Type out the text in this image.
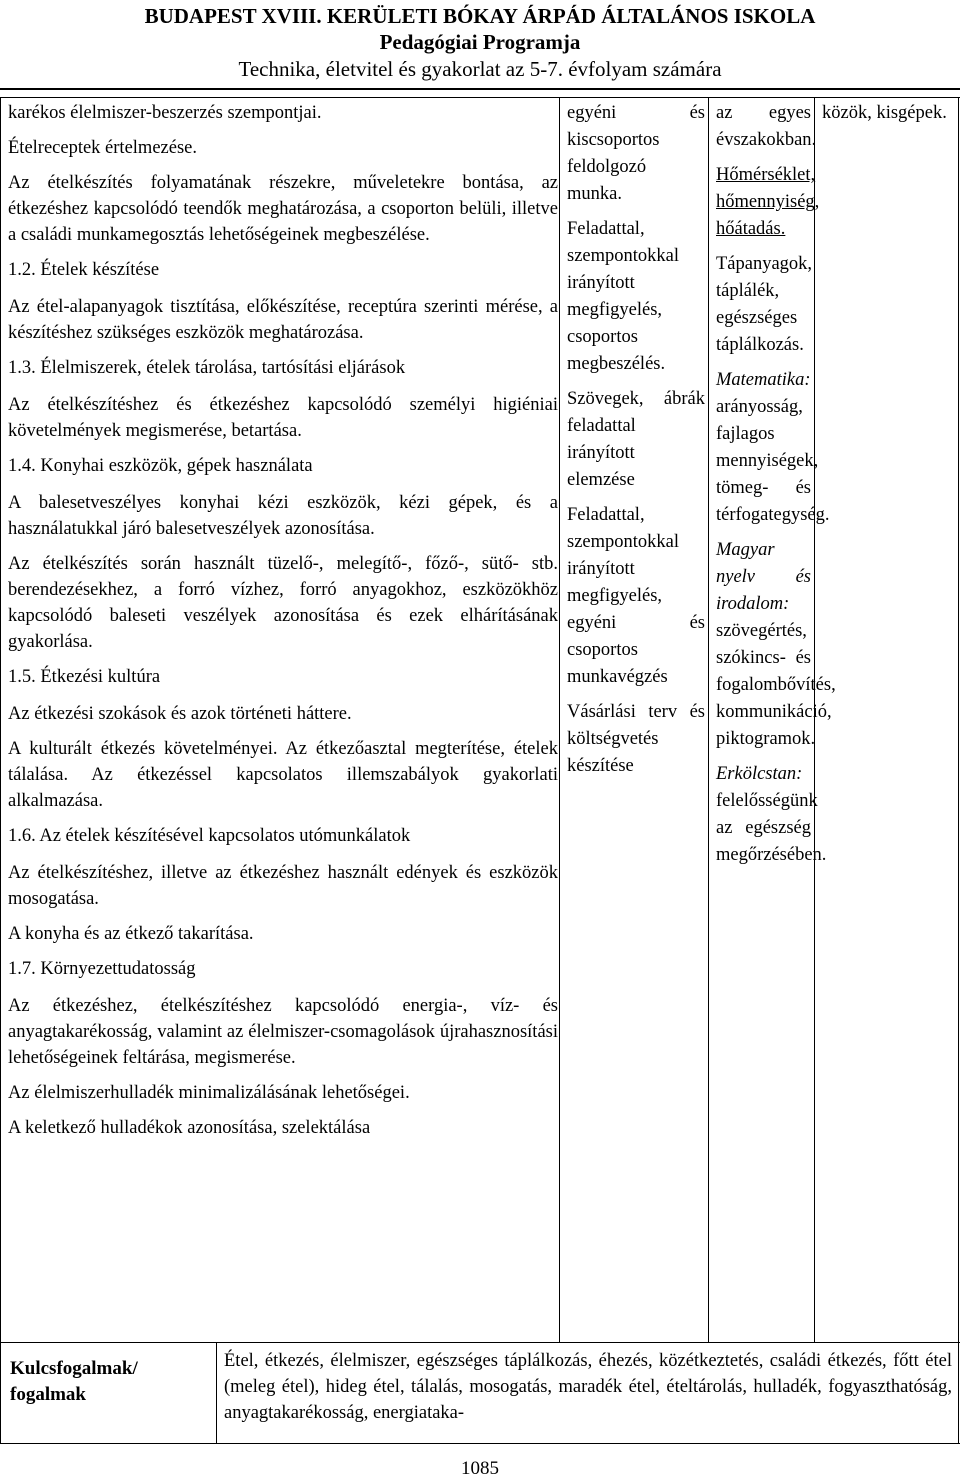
BUDAPEST XVIII. KERÜLETI BÓKAY ÁRPÁD ÁLTALÁNOS ISKOLA
Pedagógiai Programja
Technika, életvitel és gyakorlat az 5-7. évfolyam számára

karékos élelmiszer-beszerzés szempontjai.

Ételreceptek értelmezése.

Az ételkészítés folyamatának részekre, műveletekre bontása, az étkezéshez kapcsolódó teendők meghatározása, a csoporton belüli, illetve a családi munkamegosztás lehetőségeinek megbeszélése.

1.2. Ételek készítése

Az étel-alapanyagok tisztítása, előkészítése, receptúra szerinti mérése, a készítéshez szükséges eszközök meghatározása.

1.3. Élelmiszerek, ételek tárolása, tartósítási eljárások

Az ételkészítéshez és étkezéshez kapcsolódó személyi higiéniai követelmények megismerése, betartása.

1.4. Konyhai eszközök, gépek használata

A balesetveszélyes konyhai kézi eszközök, kézi gépek, és a használatukkal járó balesetveszélyek azonosítása.

Az ételkészítés során használt tüzelő-, melegítő-, főző-, sütő- stb. berendezésekhez, a forró vízhez, forró anyagokhoz, eszközökhöz kapcsolódó baleseti veszélyek azonosítása és ezek elhárításának gyakorlása.

1.5. Étkezési kultúra

Az étkezési szokások és azok történeti háttere.

A kulturált étkezés követelményei. Az étkezőasztal megterítése, ételek tálalása. Az étkezéssel kapcsolatos illemszabályok gyakorlati alkalmazása.

1.6. Az ételek készítésével kapcsolatos utómunkálatok

Az ételkészítéshez, illetve az étkezéshez használt edények és eszközök mosogatása.

A konyha és az étkező takarítása.

1.7. Környezettudatosság

Az étkezéshez, ételkészítéshez kapcsolódó energia-, víz- és anyagtakarékosság, valamint az élelmiszer-csomagolások újrahasznosítási lehetőségeinek feltárása, megismerése.

Az élelmiszerhulladék minimalizálásának lehetőségei.

A keletkező hulladékok azonosítása, szelektálása

egyéni és kiscsoportos feldolgozó munka.

Feladattal, szempontokkal irányított megfigyelés, csoportos megbeszélés.

Szövegek, ábrák feladattal irányított elemzése

Feladattal, szempontokkal irányított megfigyelés, egyéni és csoportos munkavégzés

Vásárlási terv és költségvetés készítése

az egyes évszakokban.

Hőmérséklet, hőmennyiség, hőátadás.

Tápanyagok, táplálék, egészséges táplálkozás.

Matematika: arányosság, fajlagos mennyiségek, tömeg- és térfogategység.

Magyar nyelv és irodalom: szövegértés, szókincs- és fogalombővítés, kommunikáció, piktogramok.

Erkölcstan: felelősségünk az egészség megőrzésében.

közök, kisgépek.
Kulcsfogalmak/ fogalmak
Étel, étkezés, élelmiszer, egészséges táplálkozás, éhezés, közétkeztetés, családi étkezés, főtt étel (meleg étel), hideg étel, tálalás, mosogatás, maradék étel, ételtárolás, hulladék, fogyaszthatóság, anyagtakarékosság, energiataka-
1085
